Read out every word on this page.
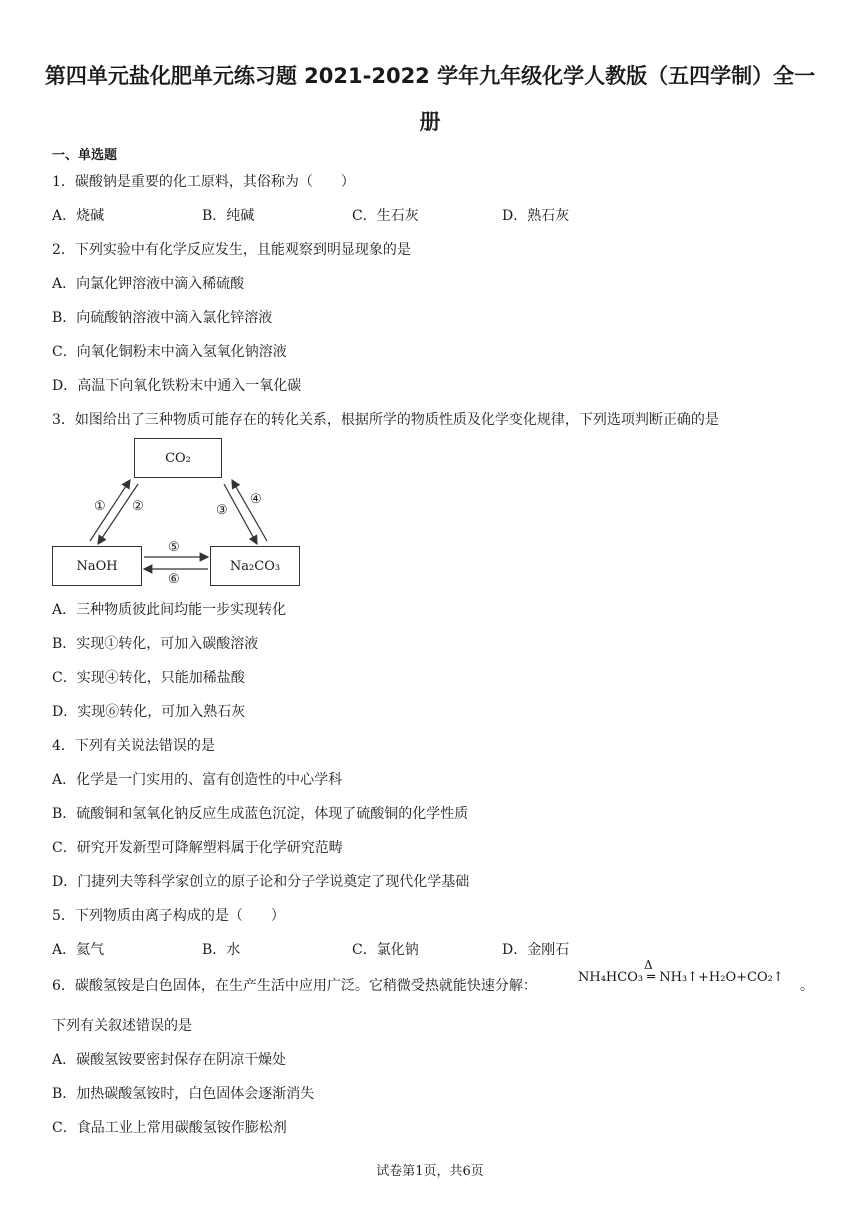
第四单元盐化肥单元练习题 2021-2022 学年九年级化学人教版（五四学制）全一
册
一、单选题
1．碳酸钠是重要的化工原料，其俗称为（　　）
A．烧碱	B．纯碱	C．生石灰	D．熟石灰
2．下列实验中有化学反应发生，且能观察到明显现象的是
A．向氯化钾溶液中滴入稀硫酸
B．向硫酸钠溶液中滴入氯化锌溶液
C．向氧化铜粉末中滴入氢氧化钠溶液
D．高温下向氧化铁粉末中通入一氧化碳
3．如图给出了三种物质可能存在的转化关系，根据所学的物质性质及化学变化规律，下列选项判断正确的是
CO₂
NaOH	Na₂CO₃
① ②	③
④
⑤
⑥
A．三种物质彼此间均能一步实现转化
B．实现①转化，可加入碳酸溶液
C．实现④转化，只能加稀盐酸
D．实现⑥转化，可加入熟石灰
4．下列有关说法错误的是
A．化学是一门实用的、富有创造性的中心学科
B．硫酸铜和氢氧化钠反应生成蓝色沉淀，体现了硫酸铜的化学性质
C．研究开发新型可降解塑料属于化学研究范畴
D．门捷列夫等科学家创立的原子论和分子学说奠定了现代化学基础
5．下列物质由离子构成的是（　　）
A．氦气	B．水	C．氯化钠	D．金刚石
6．碳酸氢铵是白色固体，在生产生活中应用广泛。它稍微受热就能快速分解：
NH₄HCO₃
Δ
═ NH₃↑+H₂O+CO₂↑
。
下列有关叙述错误的是
A．碳酸氢铵要密封保存在阴凉干燥处
B．加热碳酸氢铵时，白色固体会逐渐消失
C．食品工业上常用碳酸氢铵作膨松剂
试卷第1页，共6页
